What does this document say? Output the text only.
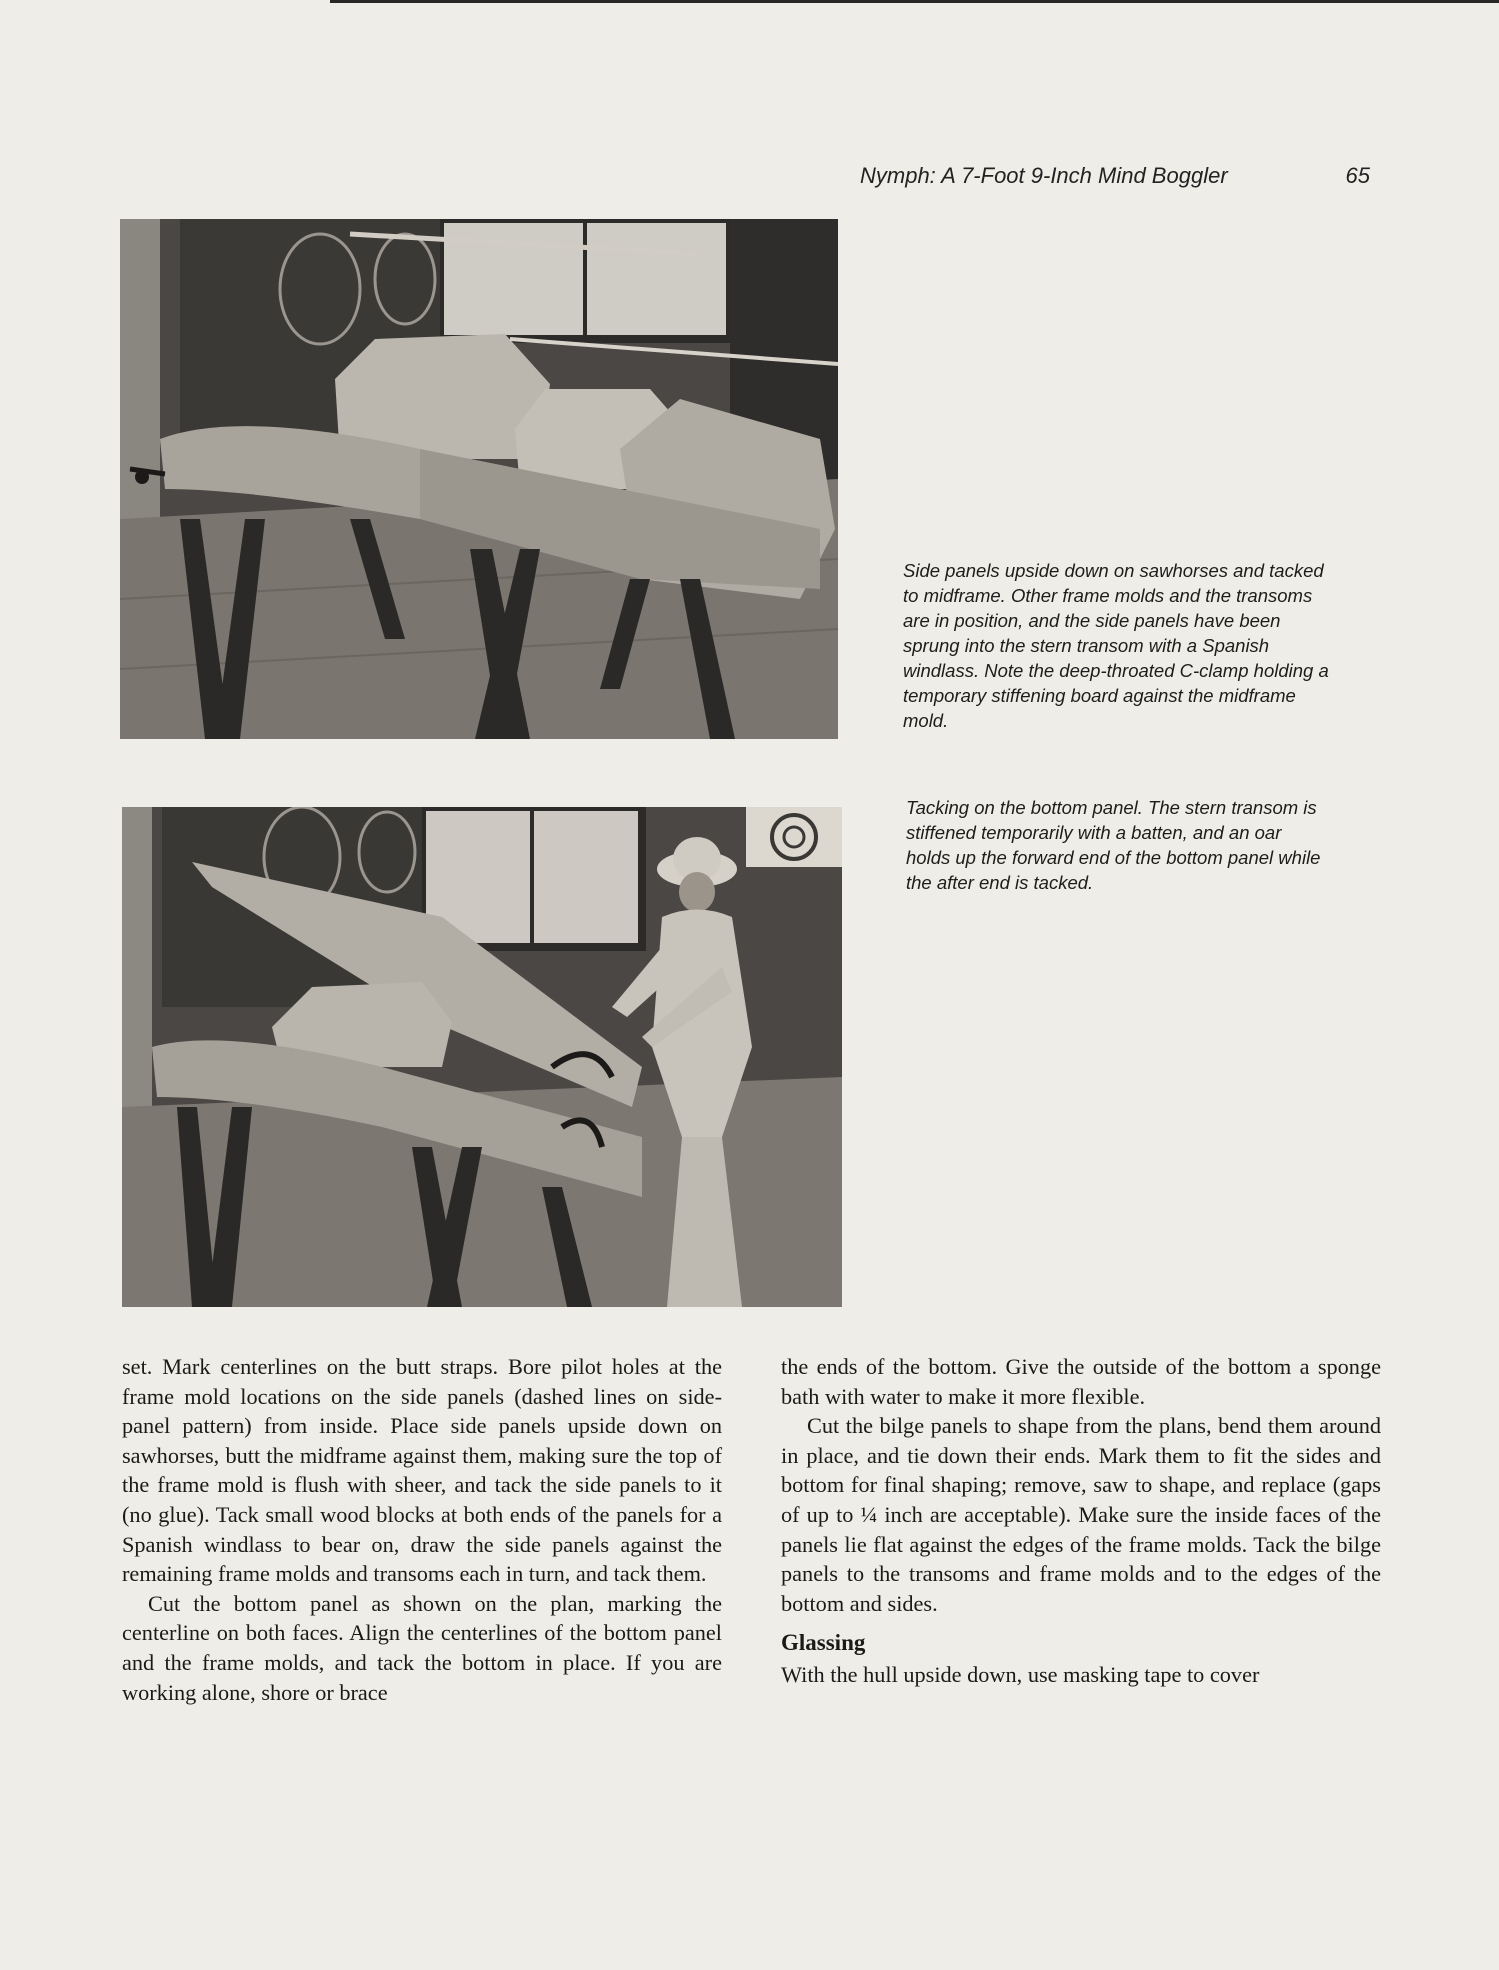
Nymph: A 7-Foot 9-Inch Mind Boggler	65
Side panels upside down on sawhorses and tacked to midframe. Other frame molds and the transoms are in position, and the side panels have been sprung into the stern transom with a Spanish windlass. Note the deep-throated C-clamp holding a temporary stiffening board against the midframe mold.
Tacking on the bottom panel. The stern transom is stiffened temporarily with a batten, and an oar holds up the forward end of the bottom panel while the after end is tacked.

set. Mark centerlines on the butt straps. Bore pilot holes at the frame mold locations on the side panels (dashed lines on side-panel pattern) from inside. Place side panels upside down on sawhorses, butt the midframe against them, making sure the top of the frame mold is flush with sheer, and tack the side panels to it (no glue). Tack small wood blocks at both ends of the panels for a Spanish windlass to bear on, draw the side panels against the remaining frame molds and transoms each in turn, and tack them.

Cut the bottom panel as shown on the plan, marking the centerline on both faces. Align the centerlines of the bottom panel and the frame molds, and tack the bottom in place. If you are working alone, shore or brace

the ends of the bottom. Give the outside of the bottom a sponge bath with water to make it more flexible.

Cut the bilge panels to shape from the plans, bend them around in place, and tie down their ends. Mark them to fit the sides and bottom for final shaping; remove, saw to shape, and replace (gaps of up to ¼ inch are acceptable). Make sure the inside faces of the panels lie flat against the edges of the frame molds. Tack the bilge panels to the transoms and frame molds and to the edges of the bottom and sides.

Glassing

With the hull upside down, use masking tape to cover
